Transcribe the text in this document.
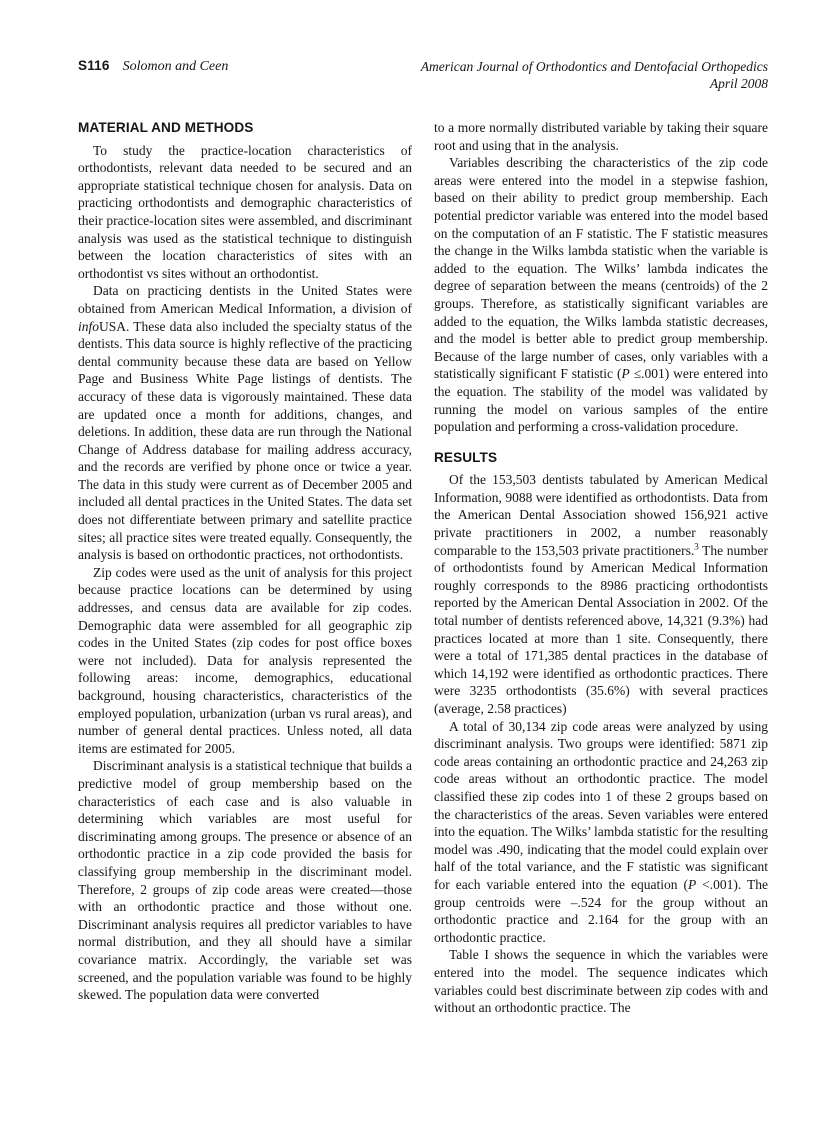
S116 Solomon and Ceen	American Journal of Orthodontics and Dentofacial Orthopedics
April 2008
MATERIAL AND METHODS

To study the practice-location characteristics of orthodontists, relevant data needed to be secured and an appropriate statistical technique chosen for analysis. Data on practicing orthodontists and demographic characteristics of their practice-location sites were assembled, and discriminant analysis was used as the statistical technique to distinguish between the location characteristics of sites with an orthodontist vs sites without an orthodontist.

Data on practicing dentists in the United States were obtained from American Medical Information, a division of infoUSA. These data also included the specialty status of the dentists. This data source is highly reflective of the practicing dental community because these data are based on Yellow Page and Business White Page listings of dentists. The accuracy of these data is vigorously maintained. These data are updated once a month for additions, changes, and deletions. In addition, these data are run through the National Change of Address database for mailing address accuracy, and the records are verified by phone once or twice a year. The data in this study were current as of December 2005 and included all dental practices in the United States. The data set does not differentiate between primary and satellite practice sites; all practice sites were treated equally. Consequently, the analysis is based on orthodontic practices, not orthodontists.

Zip codes were used as the unit of analysis for this project because practice locations can be determined by using addresses, and census data are available for zip codes. Demographic data were assembled for all geographic zip codes in the United States (zip codes for post office boxes were not included). Data for analysis represented the following areas: income, demographics, educational background, housing characteristics, characteristics of the employed population, urbanization (urban vs rural areas), and number of general dental practices. Unless noted, all data items are estimated for 2005.

Discriminant analysis is a statistical technique that builds a predictive model of group membership based on the characteristics of each case and is also valuable in determining which variables are most useful for discriminating among groups. The presence or absence of an orthodontic practice in a zip code provided the basis for classifying group membership in the discriminant model. Therefore, 2 groups of zip code areas were created—those with an orthodontic practice and those without one. Discriminant analysis requires all predictor variables to have normal distribution, and they all should have a similar covariance matrix. Accordingly, the variable set was screened, and the population variable was found to be highly skewed. The population data were converted

to a more normally distributed variable by taking their square root and using that in the analysis.

Variables describing the characteristics of the zip code areas were entered into the model in a stepwise fashion, based on their ability to predict group membership. Each potential predictor variable was entered into the model based on the computation of an F statistic. The F statistic measures the change in the Wilks lambda statistic when the variable is added to the equation. The Wilks’ lambda indicates the degree of separation between the means (centroids) of the 2 groups. Therefore, as statistically significant variables are added to the equation, the Wilks lambda statistic decreases, and the model is better able to predict group membership. Because of the large number of cases, only variables with a statistically significant F statistic (P ≤.001) were entered into the equation. The stability of the model was validated by running the model on various samples of the entire population and performing a cross-validation procedure.

RESULTS

Of the 153,503 dentists tabulated by American Medical Information, 9088 were identified as orthodontists. Data from the American Dental Association showed 156,921 active private practitioners in 2002, a number reasonably comparable to the 153,503 private practitioners.$^3$ The number of orthodontists found by American Medical Information roughly corresponds to the 8986 practicing orthodontists reported by the American Dental Association in 2002. Of the total number of dentists referenced above, 14,321 (9.3%) had practices located at more than 1 site. Consequently, there were a total of 171,385 dental practices in the database of which 14,192 were identified as orthodontic practices. There were 3235 orthodontists (35.6%) with several practices (average, 2.58 practices)

A total of 30,134 zip code areas were analyzed by using discriminant analysis. Two groups were identified: 5871 zip code areas containing an orthodontic practice and 24,263 zip code areas without an orthodontic practice. The model classified these zip codes into 1 of these 2 groups based on the characteristics of the areas. Seven variables were entered into the equation. The Wilks’ lambda statistic for the resulting model was .490, indicating that the model could explain over half of the total variance, and the F statistic was significant for each variable entered into the equation (P <.001). The group centroids were –.524 for the group without an orthodontic practice and 2.164 for the group with an orthodontic practice.

Table I shows the sequence in which the variables were entered into the model. The sequence indicates which variables could best discriminate between zip codes with and without an orthodontic practice. The
